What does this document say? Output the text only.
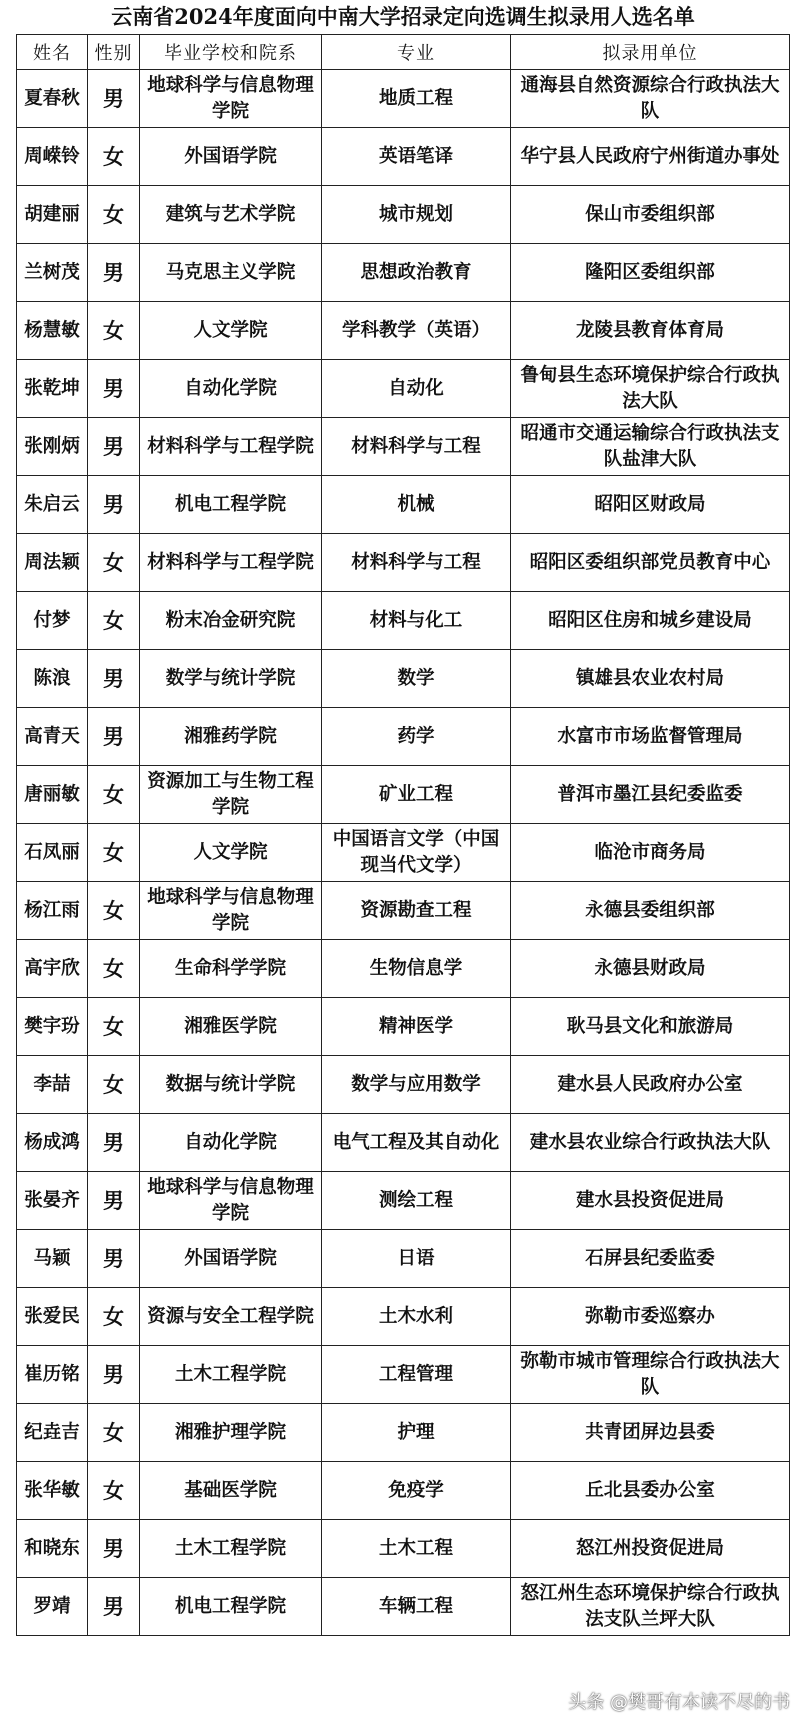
云南省2024年度面向中南大学招录定向选调生拟录用人选名单
姓名	性别	毕业学校和院系	专业	拟录用单位
夏春秋	男	地球科学与信息物理学院	地质工程	通海县自然资源综合行政执法大队
周嵘铃	女	外国语学院	英语笔译	华宁县人民政府宁州街道办事处
胡建丽	女	建筑与艺术学院	城市规划	保山市委组织部
兰树茂	男	马克思主义学院	思想政治教育	隆阳区委组织部
杨慧敏	女	人文学院	学科教学（英语）	龙陵县教育体育局
张乾坤	男	自动化学院	自动化	鲁甸县生态环境保护综合行政执法大队
张刚炳	男	材料科学与工程学院	材料科学与工程	昭通市交通运输综合行政执法支队盐津大队
朱启云	男	机电工程学院	机械	昭阳区财政局
周法颖	女	材料科学与工程学院	材料科学与工程	昭阳区委组织部党员教育中心
付梦	女	粉末冶金研究院	材料与化工	昭阳区住房和城乡建设局
陈浪	男	数学与统计学院	数学	镇雄县农业农村局
高青天	男	湘雅药学院	药学	水富市市场监督管理局
唐丽敏	女	资源加工与生物工程学院	矿业工程	普洱市墨江县纪委监委
石凤丽	女	人文学院	中国语言文学（中国现当代文学）	临沧市商务局
杨江雨	女	地球科学与信息物理学院	资源勘查工程	永德县委组织部
高宇欣	女	生命科学学院	生物信息学	永德县财政局
樊宇玢	女	湘雅医学院	精神医学	耿马县文化和旅游局
李喆	女	数据与统计学院	数学与应用数学	建水县人民政府办公室
杨成鸿	男	自动化学院	电气工程及其自动化	建水县农业综合行政执法大队
张晏齐	男	地球科学与信息物理学院	测绘工程	建水县投资促进局
马颖	男	外国语学院	日语	石屏县纪委监委
张爱民	女	资源与安全工程学院	土木水利	弥勒市委巡察办
崔历铭	男	土木工程学院	工程管理	弥勒市城市管理综合行政执法大队
纪垚吉	女	湘雅护理学院	护理	共青团屏边县委
张华敏	女	基础医学院	免疫学	丘北县委办公室
和晓东	男	土木工程学院	土木工程	怒江州投资促进局
罗靖	男	机电工程学院	车辆工程	怒江州生态环境保护综合行政执法支队兰坪大队
头条 @樊哥有本读不尽的书
